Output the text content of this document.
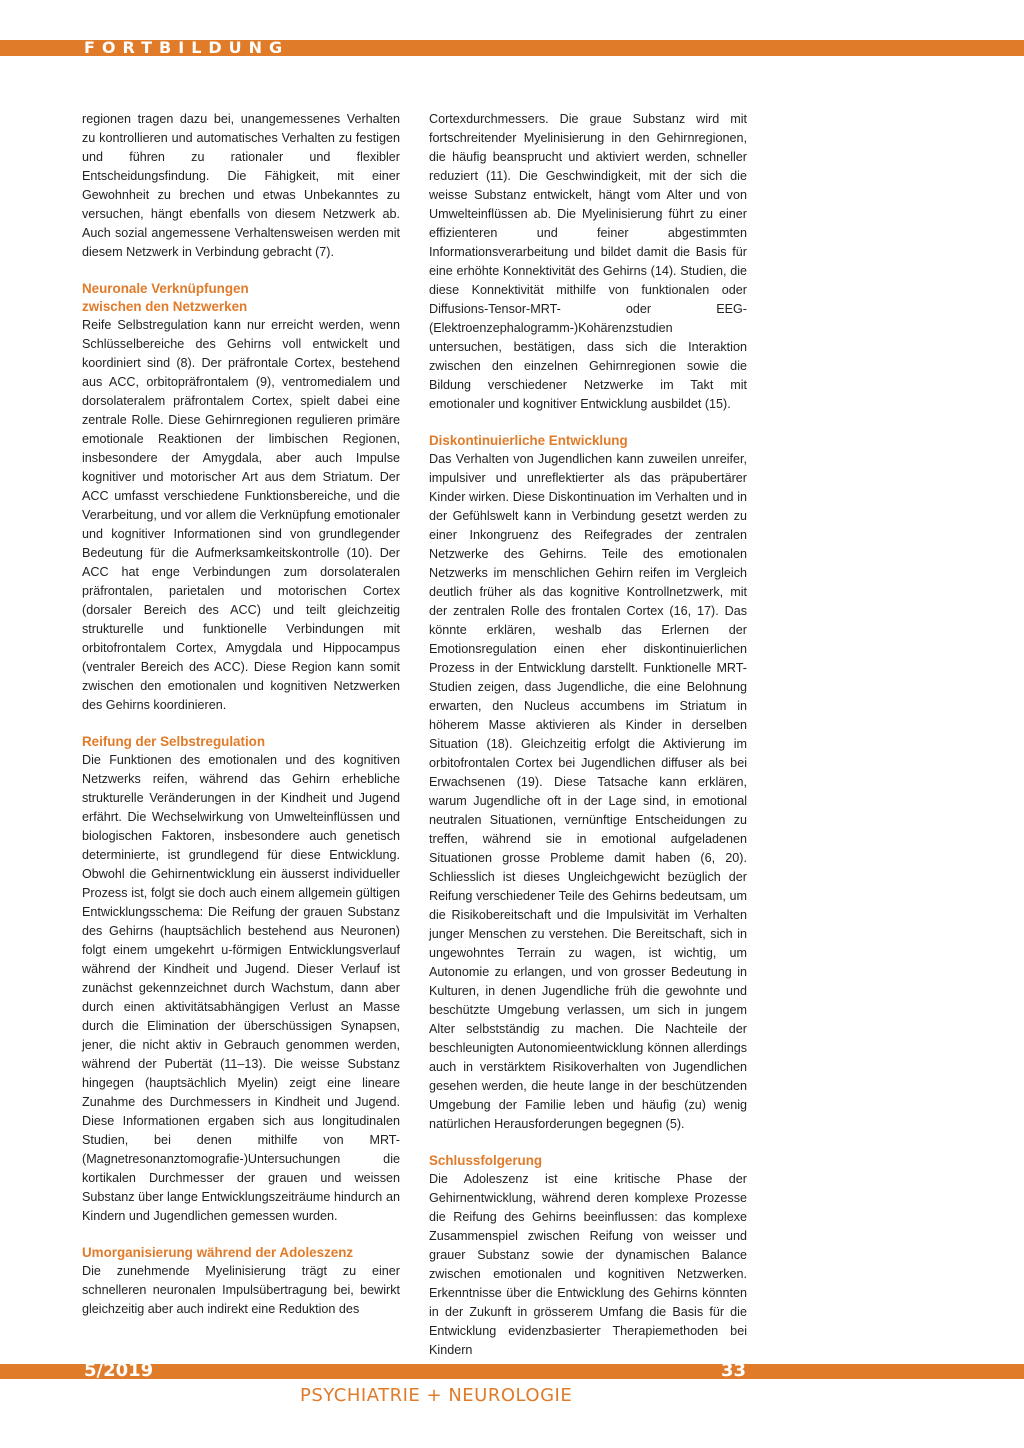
FORTBILDUNG

regionen tragen dazu bei, unangemessenes Verhalten zu kontrollieren und automatisches Verhalten zu festigen und führen zu rationaler und flexibler Entscheidungsfindung. Die Fähigkeit, mit einer Gewohnheit zu brechen und etwas Unbekanntes zu versuchen, hängt ebenfalls von diesem Netzwerk ab. Auch sozial angemessene Verhaltensweisen werden mit diesem Netzwerk in Verbindung gebracht (7).

Neuronale Verknüpfungen
zwischen den Netzwerken

Reife Selbstregulation kann nur erreicht werden, wenn Schlüsselbereiche des Gehirns voll entwickelt und koordiniert sind (8). Der präfrontale Cortex, bestehend aus ACC, orbitopräfrontalem (9), ventromedialem und dorsolateralem präfrontalem Cortex, spielt dabei eine zentrale Rolle. Diese Gehirnregionen regulieren primäre emotionale Reaktionen der limbischen Regionen, insbesondere der Amygdala, aber auch Impulse kognitiver und motorischer Art aus dem Striatum. Der ACC umfasst verschiedene Funktionsbereiche, und die Verarbeitung, und vor allem die Verknüpfung emotionaler und kognitiver Informationen sind von grundlegender Bedeutung für die Aufmerksamkeitskontrolle (10). Der ACC hat enge Verbindungen zum dorsolateralen präfrontalen, parietalen und motorischen Cortex (dorsaler Bereich des ACC) und teilt gleichzeitig strukturelle und funktionelle Verbindungen mit orbitofrontalem Cortex, Amygdala und Hippocampus (ventraler Bereich des ACC). Diese Region kann somit zwischen den emotionalen und kognitiven Netzwerken des Gehirns koordinieren.

Reifung der Selbstregulation

Die Funktionen des emotionalen und des kognitiven Netzwerks reifen, während das Gehirn erhebliche strukturelle Veränderungen in der Kindheit und Jugend erfährt. Die Wechselwirkung von Umwelteinflüssen und biologischen Faktoren, insbesondere auch genetisch determinierte, ist grundlegend für diese Entwicklung. Obwohl die Gehirnentwicklung ein äusserst individueller Prozess ist, folgt sie doch auch einem allgemein gültigen Entwicklungsschema: Die Reifung der grauen Substanz des Gehirns (hauptsächlich bestehend aus Neuronen) folgt einem umgekehrt u-förmigen Entwicklungsverlauf während der Kindheit und Jugend. Dieser Verlauf ist zunächst gekennzeichnet durch Wachstum, dann aber durch einen aktivitätsabhängigen Verlust an Masse durch die Elimination der überschüssigen Synapsen, jener, die nicht aktiv in Gebrauch genommen werden, während der Pubertät (11–13). Die weisse Substanz hingegen (hauptsächlich Myelin) zeigt eine lineare Zunahme des Durchmessers in Kindheit und Jugend. Diese Informationen ergaben sich aus longitudinalen Studien, bei denen mithilfe von MRT-(Magnetresonanztomografie-)Untersuchungen die kortikalen Durchmesser der grauen und weissen Substanz über lange Entwicklungszeiträume hindurch an Kindern und Jugendlichen gemessen wurden.

Umorganisierung während der Adoleszenz

Die zunehmende Myelinisierung trägt zu einer schnelleren neuronalen Impulsübertragung bei, bewirkt gleichzeitig aber auch indirekt eine Reduktion des

Cortexdurchmessers. Die graue Substanz wird mit fortschreitender Myelinisierung in den Gehirnregionen, die häufig beansprucht und aktiviert werden, schneller reduziert (11). Die Geschwindigkeit, mit der sich die weisse Substanz entwickelt, hängt vom Alter und von Umwelteinflüssen ab. Die Myelinisierung führt zu einer effizienteren und feiner abgestimmten Informationsverarbeitung und bildet damit die Basis für eine erhöhte Konnektivität des Gehirns (14). Studien, die diese Konnektivität mithilfe von funktionalen oder Diffusions-Tensor-MRT- oder EEG- (Elektroenzephalogramm-)Kohärenzstudien untersuchen, bestätigen, dass sich die Interaktion zwischen den einzelnen Gehirnregionen sowie die Bildung verschiedener Netzwerke im Takt mit emotionaler und kognitiver Entwicklung ausbildet (15).

Diskontinuierliche Entwicklung

Das Verhalten von Jugendlichen kann zuweilen unreifer, impulsiver und unreflektierter als das präpubertärer Kinder wirken. Diese Diskontinuation im Verhalten und in der Gefühlswelt kann in Verbindung gesetzt werden zu einer Inkongruenz des Reifegrades der zentralen Netzwerke des Gehirns. Teile des emotionalen Netzwerks im menschlichen Gehirn reifen im Vergleich deutlich früher als das kognitive Kontrollnetzwerk, mit der zentralen Rolle des frontalen Cortex (16, 17). Das könnte erklären, weshalb das Erlernen der Emotionsregulation einen eher diskontinuierlichen Prozess in der Entwicklung darstellt. Funktionelle MRT-Studien zeigen, dass Jugendliche, die eine Belohnung erwarten, den Nucleus accumbens im Striatum in höherem Masse aktivieren als Kinder in derselben Situation (18). Gleichzeitig erfolgt die Aktivierung im orbitofrontalen Cortex bei Jugendlichen diffuser als bei Erwachsenen (19). Diese Tatsache kann erklären, warum Jugendliche oft in der Lage sind, in emotional neutralen Situationen, vernünftige Entscheidungen zu treffen, während sie in emotional aufgeladenen Situationen grosse Probleme damit haben (6, 20). Schliesslich ist dieses Ungleichgewicht bezüglich der Reifung verschiedener Teile des Gehirns bedeutsam, um die Risikobereitschaft und die Impulsivität im Verhalten junger Menschen zu verstehen. Die Bereitschaft, sich in ungewohntes Terrain zu wagen, ist wichtig, um Autonomie zu erlangen, und von grosser Bedeutung in Kulturen, in denen Jugendliche früh die gewohnte und beschützte Umgebung verlassen, um sich in jungem Alter selbstständig zu machen. Die Nachteile der beschleunigten Autonomieentwicklung können allerdings auch in verstärktem Risikoverhalten von Jugendlichen gesehen werden, die heute lange in der beschützenden Umgebung der Familie leben und häufig (zu) wenig natürlichen Herausforderungen begegnen (5).

Schlussfolgerung

Die Adoleszenz ist eine kritische Phase der Gehirnentwicklung, während deren komplexe Prozesse die Reifung des Gehirns beeinflussen: das komplexe Zusammenspiel zwischen Reifung von weisser und grauer Substanz sowie der dynamischen Balance zwischen emotionalen und kognitiven Netzwerken. Erkenntnisse über die Entwicklung des Gehirns könnten in der Zukunft in grösserem Umfang die Basis für die Entwicklung evidenzbasierter Therapiemethoden bei Kindern

5/2019	33
PSYCHIATRIE + NEUROLOGIE
